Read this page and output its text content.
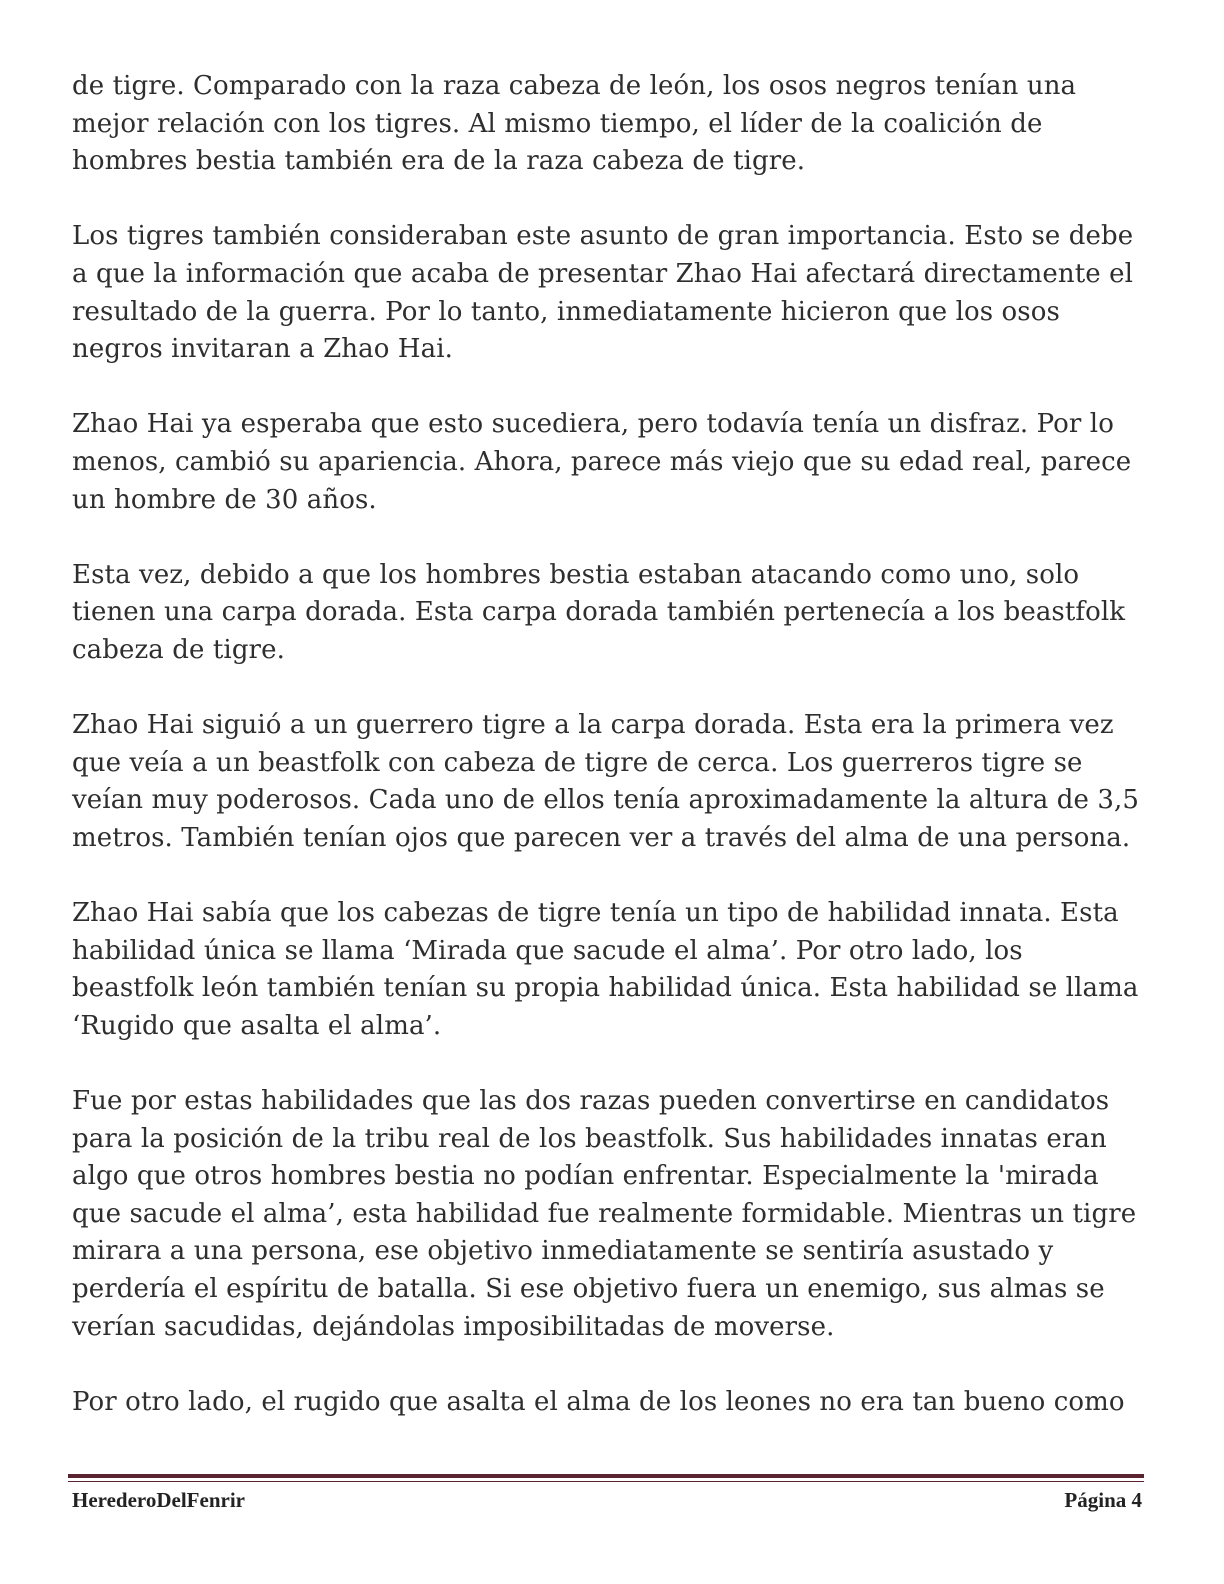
de tigre. Comparado con la raza cabeza de león, los osos negros tenían una mejor relación con los tigres. Al mismo tiempo, el líder de la coalición de hombres bestia también era de la raza cabeza de tigre.

Los tigres también consideraban este asunto de gran importancia. Esto se debe a que la información que acaba de presentar Zhao Hai afectará directamente el resultado de la guerra. Por lo tanto, inmediatamente hicieron que los osos negros invitaran a Zhao Hai.

Zhao Hai ya esperaba que esto sucediera, pero todavía tenía un disfraz. Por lo menos, cambió su apariencia. Ahora, parece más viejo que su edad real, parece un hombre de 30 años.

Esta vez, debido a que los hombres bestia estaban atacando como uno, solo tienen una carpa dorada. Esta carpa dorada también pertenecía a los beastfolk cabeza de tigre.

Zhao Hai siguió a un guerrero tigre a la carpa dorada. Esta era la primera vez que veía a un beastfolk con cabeza de tigre de cerca. Los guerreros tigre se veían muy poderosos. Cada uno de ellos tenía aproximadamente la altura de 3,5 metros. También tenían ojos que parecen ver a través del alma de una persona.

Zhao Hai sabía que los cabezas de tigre tenía un tipo de habilidad innata. Esta habilidad única se llama ‘Mirada que sacude el alma’. Por otro lado, los beastfolk león también tenían su propia habilidad única. Esta habilidad se llama ‘Rugido que asalta el alma’.

Fue por estas habilidades que las dos razas pueden convertirse en candidatos para la posición de la tribu real de los beastfolk. Sus habilidades innatas eran algo que otros hombres bestia no podían enfrentar. Especialmente la 'mirada que sacude el alma’, esta habilidad fue realmente formidable. Mientras un tigre mirara a una persona, ese objetivo inmediatamente se sentiría asustado y perdería el espíritu de batalla. Si ese objetivo fuera un enemigo, sus almas se verían sacudidas, dejándolas imposibilitadas de moverse.

Por otro lado, el rugido que asalta el alma de los leones no era tan bueno como

HerederoDelFenrir	Página 4
